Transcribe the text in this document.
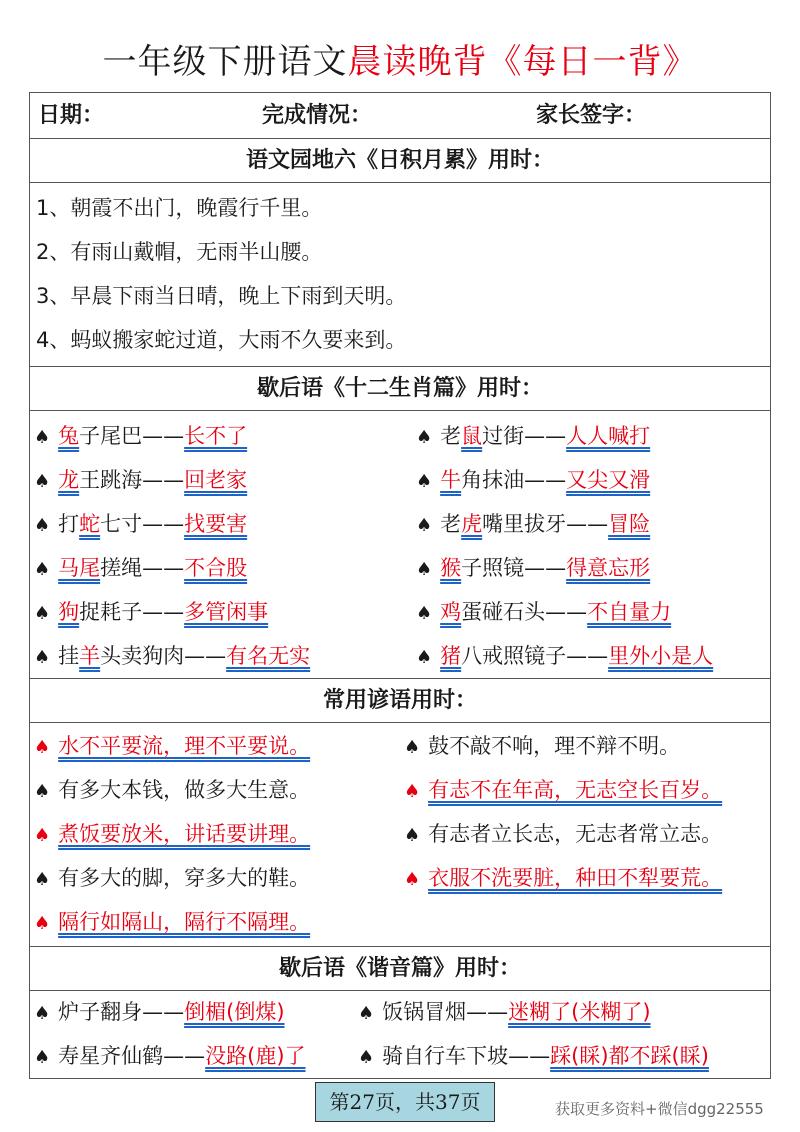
一年级下册语文晨读晚背《每日一背》
日期：	完成情况：	家长签字：
语文园地六《日积月累》用时：
1、朝霞不出门，晚霞行千里。
2、有雨山戴帽，无雨半山腰。
3、早晨下雨当日晴，晚上下雨到天明。
4、蚂蚁搬家蛇过道，大雨不久要来到。
歇后语《十二生肖篇》用时：
♠ 兔子尾巴——长不了	♠ 老鼠过街——人人喊打
♠ 龙王跳海——回老家	♠ 牛角抹油——又尖又滑
♠ 打蛇七寸——找要害	♠ 老虎嘴里拔牙——冒险
♠ 马尾搓绳——不合股	♠ 猴子照镜——得意忘形
♠ 狗捉耗子——多管闲事	♠ 鸡蛋碰石头——不自量力
♠ 挂羊头卖狗肉——有名无实	♠ 猪八戒照镜子——里外小是人
常用谚语用时：
♠ 水不平要流，理不平要说。	♠ 鼓不敲不响，理不辩不明。
♠ 有多大本钱，做多大生意。	♠ 有志不在年高，无志空长百岁。
♠ 煮饭要放米，讲话要讲理。	♠ 有志者立长志，无志者常立志。
♠ 有多大的脚，穿多大的鞋。	♠ 衣服不洗要脏，种田不犁要荒。
♠ 隔行如隔山，隔行不隔理。
歇后语《谐音篇》用时：
♠ 炉子翻身——倒楣(倒煤)	♠ 饭锅冒烟——迷糊了(米糊了)
♠ 寿星齐仙鹤——没路(鹿)了	♠ 骑自行车下坡——踩(睬)都不踩(睬)
第27页，共37页	获取更多资料+微信dgg22555
